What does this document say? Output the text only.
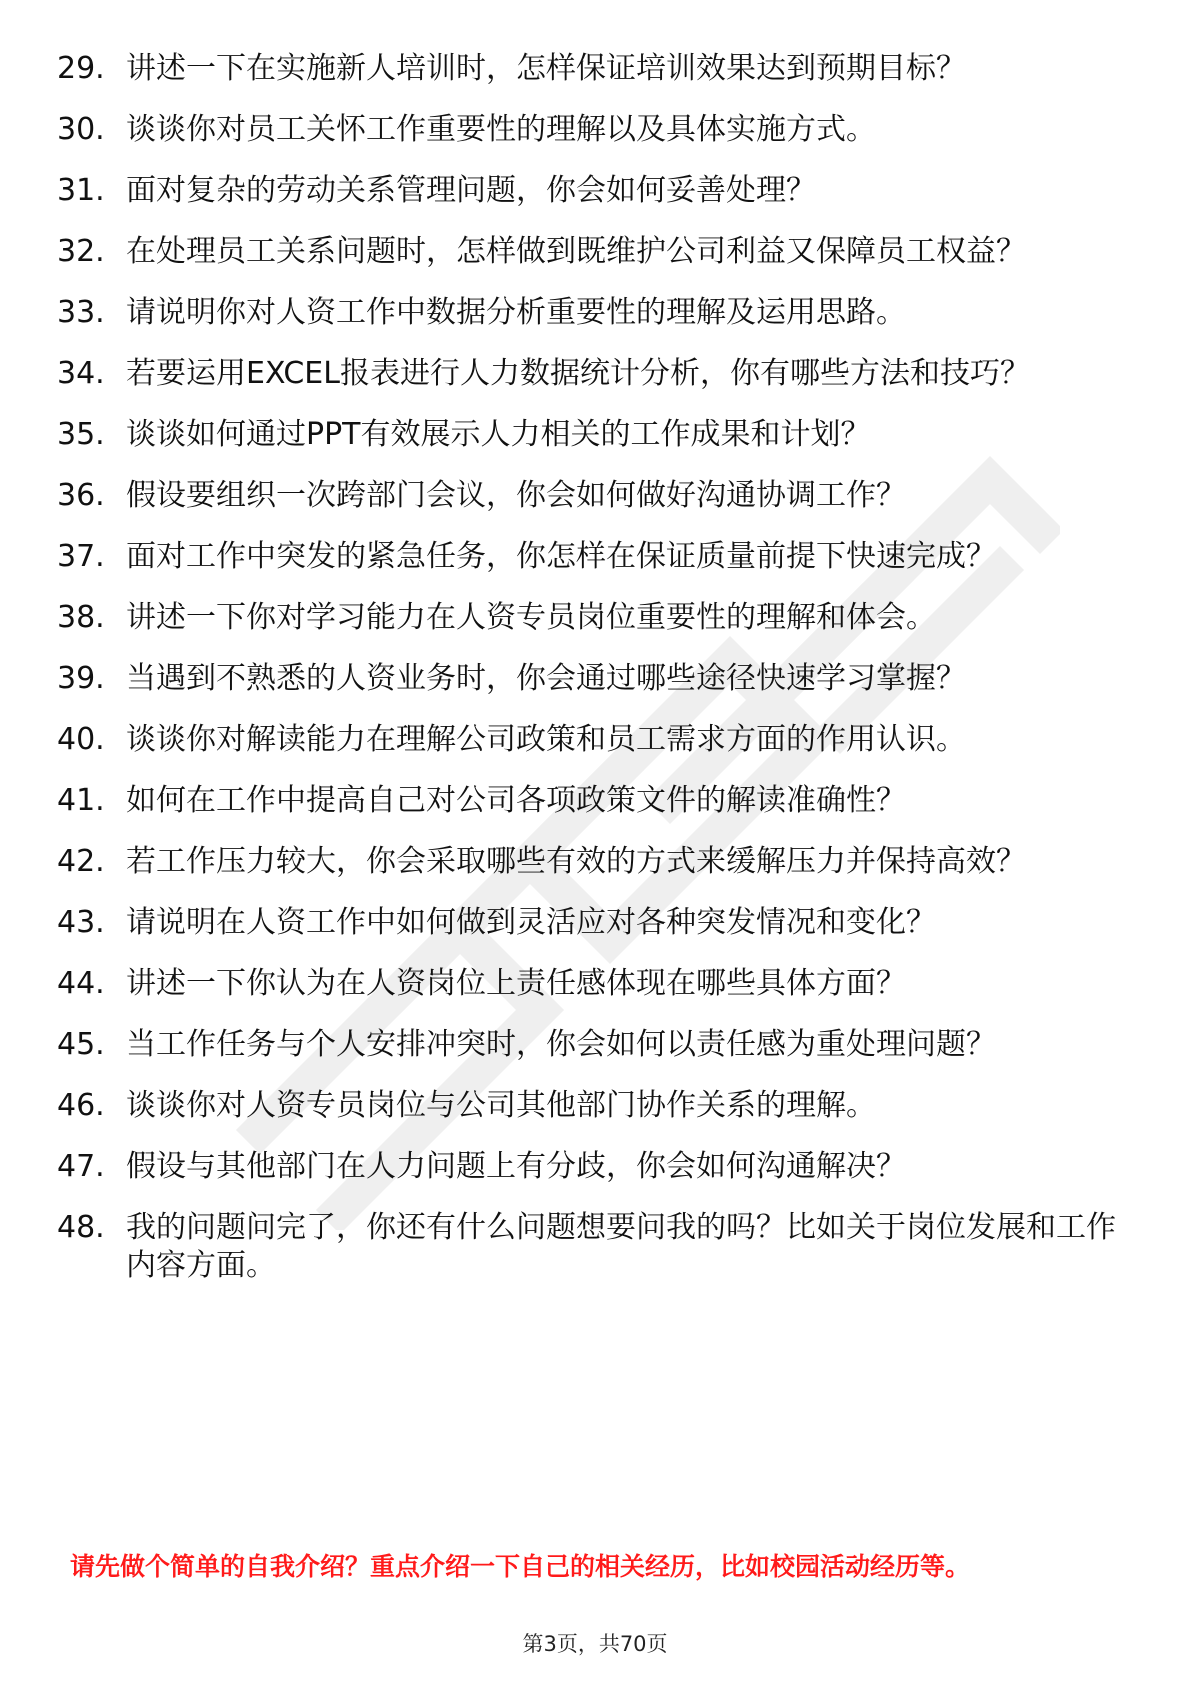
29. 讲述一下在实施新人培训时，怎样保证培训效果达到预期目标？
30. 谈谈你对员工关怀工作重要性的理解以及具体实施方式。
31. 面对复杂的劳动关系管理问题，你会如何妥善处理？
32. 在处理员工关系问题时，怎样做到既维护公司利益又保障员工权益？
33. 请说明你对人资工作中数据分析重要性的理解及运用思路。
34. 若要运用EXCEL报表进行人力数据统计分析，你有哪些方法和技巧？
35. 谈谈如何通过PPT有效展示人力相关的工作成果和计划？
36. 假设要组织一次跨部门会议，你会如何做好沟通协调工作？
37. 面对工作中突发的紧急任务，你怎样在保证质量前提下快速完成？
38. 讲述一下你对学习能力在人资专员岗位重要性的理解和体会。
39. 当遇到不熟悉的人资业务时，你会通过哪些途径快速学习掌握？
40. 谈谈你对解读能力在理解公司政策和员工需求方面的作用认识。
41. 如何在工作中提高自己对公司各项政策文件的解读准确性？
42. 若工作压力较大，你会采取哪些有效的方式来缓解压力并保持高效？
43. 请说明在人资工作中如何做到灵活应对各种突发情况和变化？
44. 讲述一下你认为在人资岗位上责任感体现在哪些具体方面？
45. 当工作任务与个人安排冲突时，你会如何以责任感为重处理问题？
46. 谈谈你对人资专员岗位与公司其他部门协作关系的理解。
47. 假设与其他部门在人力问题上有分歧，你会如何沟通解决？
48. 我的问题问完了，你还有什么问题想要问我的吗？比如关于岗位发展和工作内容方面。
请先做个简单的自我介绍？重点介绍一下自己的相关经历，比如校园活动经历等。
第3页，共70页
